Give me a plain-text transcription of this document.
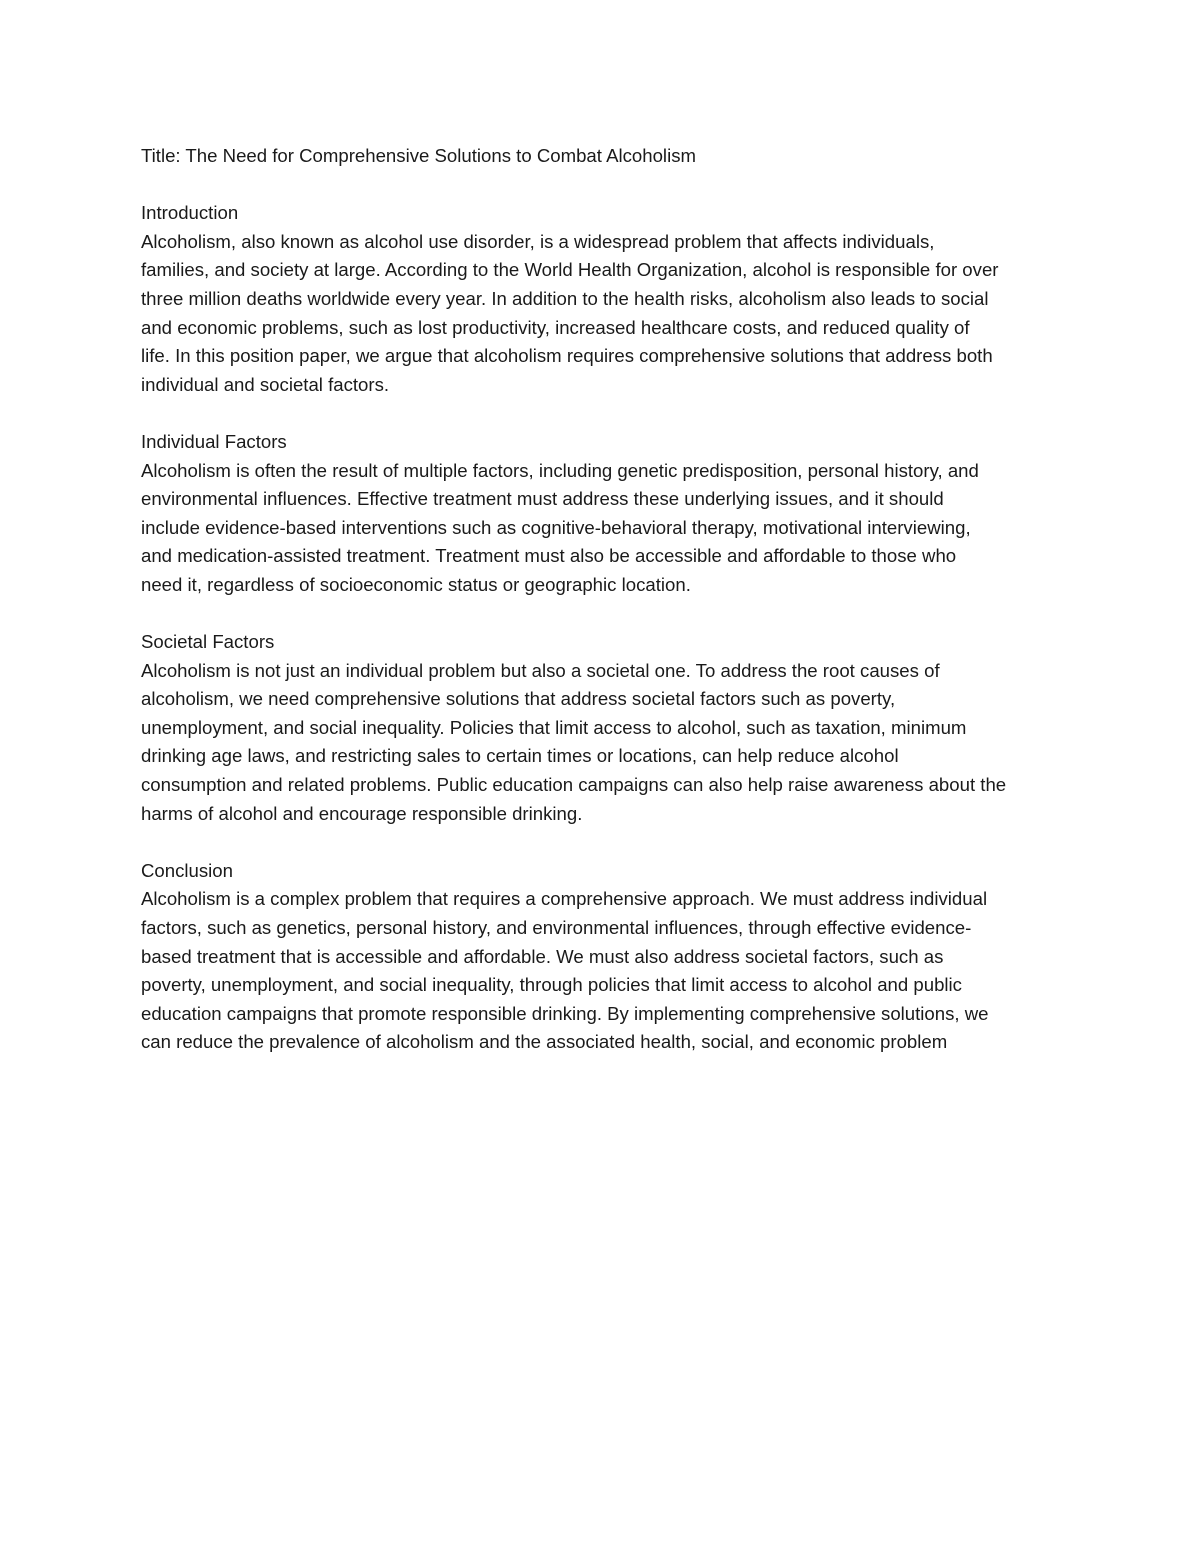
Title: The Need for Comprehensive Solutions to Combat Alcoholism
Introduction
Alcoholism, also known as alcohol use disorder, is a widespread problem that affects individuals,
families, and society at large. According to the World Health Organization, alcohol is responsible for over
three million deaths worldwide every year. In addition to the health risks, alcoholism also leads to social
and economic problems, such as lost productivity, increased healthcare costs, and reduced quality of
life. In this position paper, we argue that alcoholism requires comprehensive solutions that address both
individual and societal factors.
Individual Factors
Alcoholism is often the result of multiple factors, including genetic predisposition, personal history, and
environmental influences. Effective treatment must address these underlying issues, and it should
include evidence-based interventions such as cognitive-behavioral therapy, motivational interviewing,
and medication-assisted treatment. Treatment must also be accessible and affordable to those who
need it, regardless of socioeconomic status or geographic location.
Societal Factors
Alcoholism is not just an individual problem but also a societal one. To address the root causes of
alcoholism, we need comprehensive solutions that address societal factors such as poverty,
unemployment, and social inequality. Policies that limit access to alcohol, such as taxation, minimum
drinking age laws, and restricting sales to certain times or locations, can help reduce alcohol
consumption and related problems. Public education campaigns can also help raise awareness about the
harms of alcohol and encourage responsible drinking.
Conclusion
Alcoholism is a complex problem that requires a comprehensive approach. We must address individual
factors, such as genetics, personal history, and environmental influences, through effective evidence-
based treatment that is accessible and affordable. We must also address societal factors, such as
poverty, unemployment, and social inequality, through policies that limit access to alcohol and public
education campaigns that promote responsible drinking. By implementing comprehensive solutions, we
can reduce the prevalence of alcoholism and the associated health, social, and economic problem
